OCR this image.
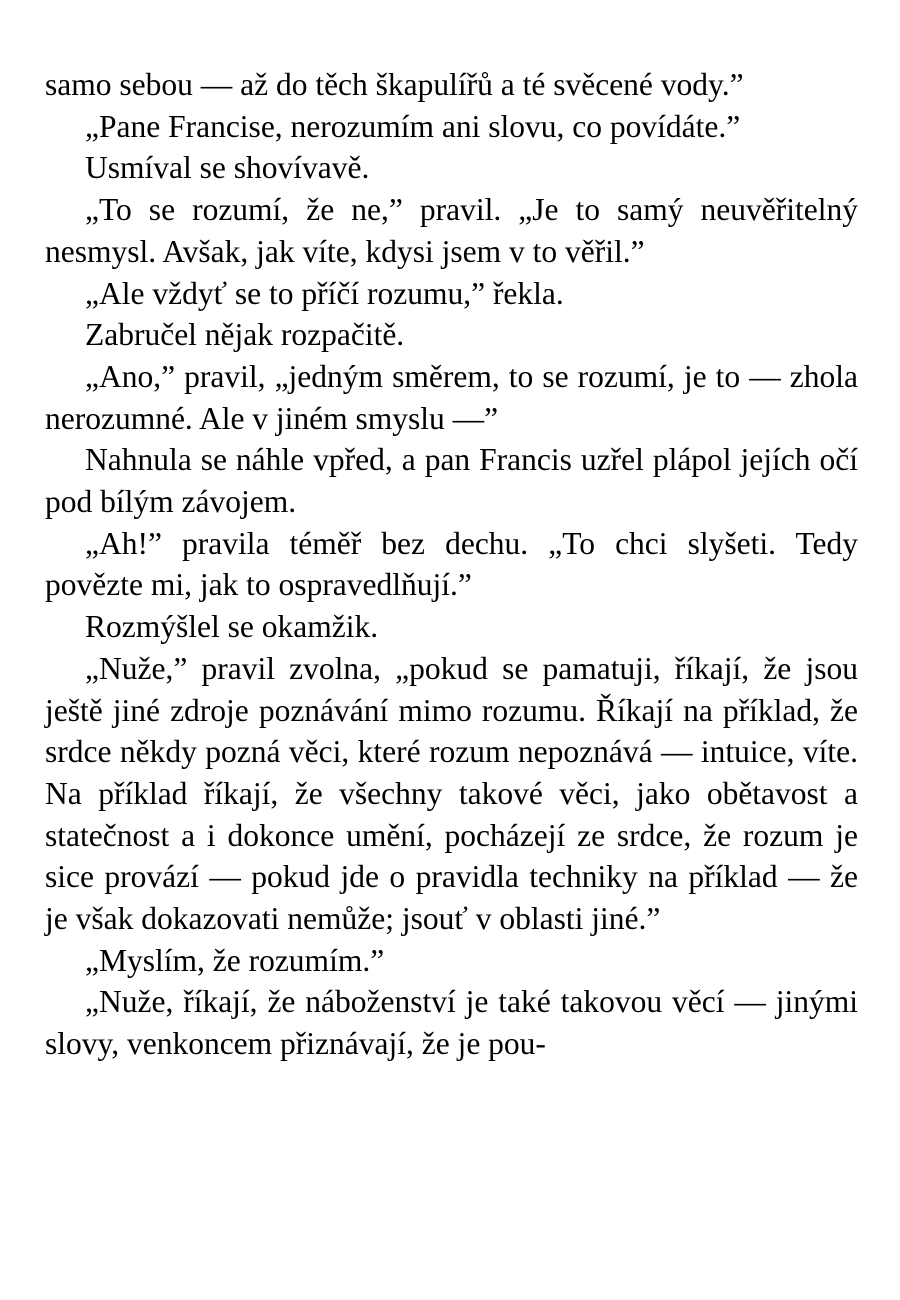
samo sebou — až do těch škapulířů a té svěcené vody.”

„Pane Francise, nerozumím ani slovu, co povídáte.”

Usmíval se shovívavě.

„To se rozumí, že ne,” pravil. „Je to samý neuvěřitelný nesmysl. Avšak, jak víte, kdysi jsem v to věřil.”

„Ale vždyť se to příčí rozumu,” řekla.

Zabručel nějak rozpačitě.

„Ano,” pravil, „jedným směrem, to se rozumí, je to — zhola nerozumné. Ale v jiném smyslu —”

Nahnula se náhle vpřed, a pan Francis uzřel plápol jejích očí pod bílým závojem.

„Ah!” pravila téměř bez dechu. „To chci slyšeti. Tedy povězte mi, jak to ospravedlňují.”

Rozmýšlel se okamžik.

„Nuže,” pravil zvolna, „pokud se pamatuji, říkají, že jsou ještě jiné zdroje poznávání mimo rozumu. Říkají na příklad, že srdce někdy pozná věci, které rozum nepoznává — intuice, víte. Na příklad říkají, že všechny takové věci, jako obětavost a statečnost a i dokonce umění, pocházejí ze srdce, že rozum je sice provází — pokud jde o pravidla techniky na příklad — že je však dokazovati nemůže; jsouť v oblasti jiné.”

„Myslím, že rozumím.”

„Nuže, říkají, že náboženství je také takovou věcí — jinými slovy, venkoncem přiznávají, že je pou-
